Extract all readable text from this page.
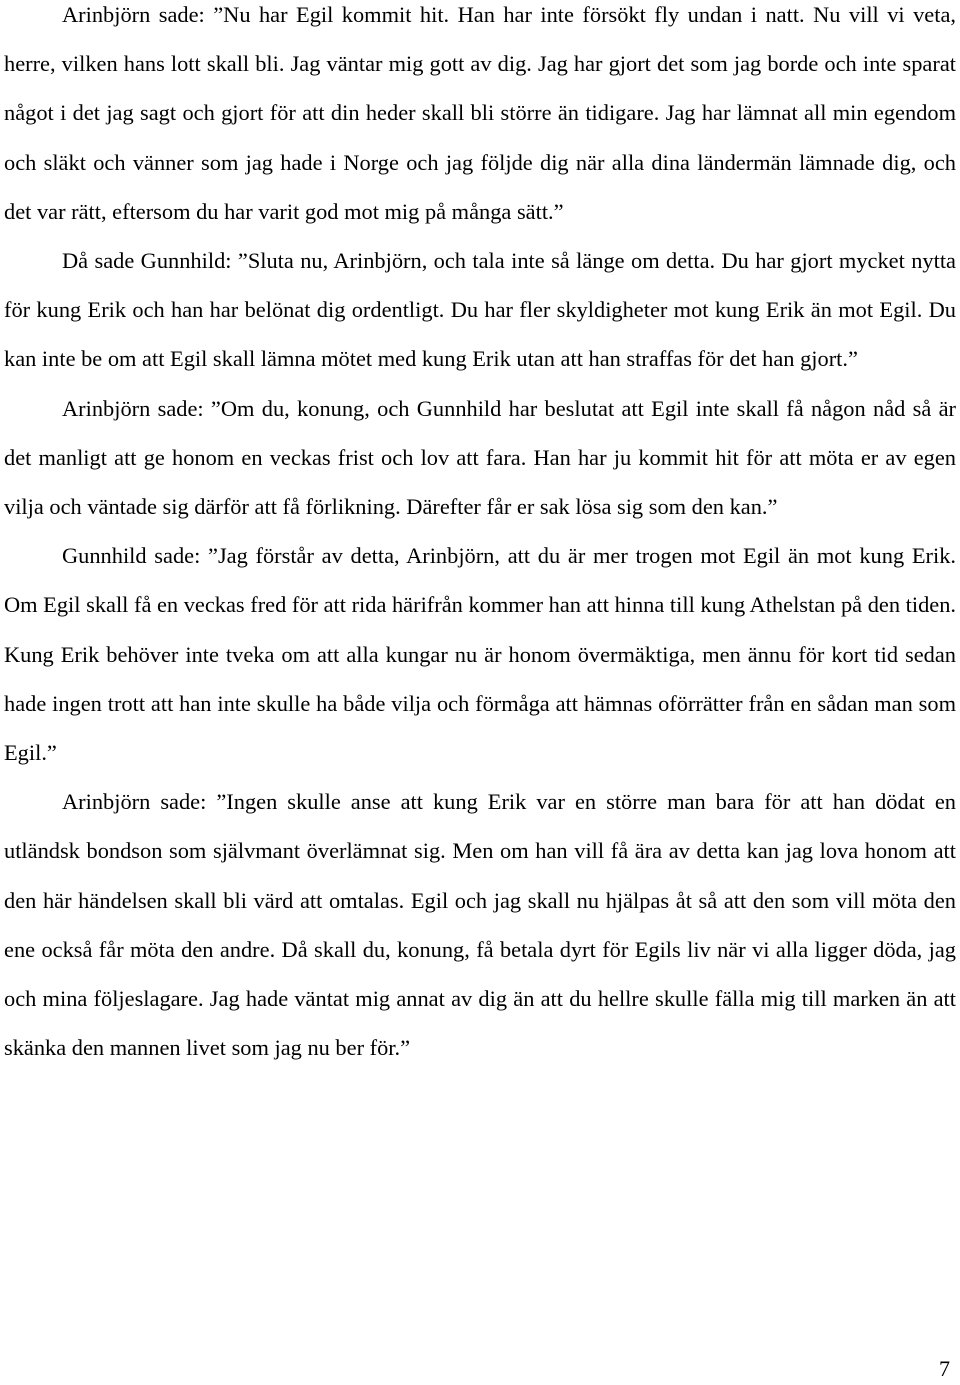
Arinbjörn sade: ”Nu har Egil kommit hit. Han har inte försökt fly undan i natt. Nu vill vi veta, herre, vilken hans lott skall bli. Jag väntar mig gott av dig. Jag har gjort det som jag borde och inte sparat något i det jag sagt och gjort för att din heder skall bli större än tidigare. Jag har lämnat all min egendom och släkt och vänner som jag hade i Norge och jag följde dig när alla dina ländermän lämnade dig, och det var rätt, eftersom du har varit god mot mig på många sätt.”

Då sade Gunnhild: ”Sluta nu, Arinbjörn, och tala inte så länge om detta. Du har gjort mycket nytta för kung Erik och han har belönat dig ordentligt. Du har fler skyldigheter mot kung Erik än mot Egil. Du kan inte be om att Egil skall lämna mötet med kung Erik utan att han straffas för det han gjort.”

Arinbjörn sade: ”Om du, konung, och Gunnhild har beslutat att Egil inte skall få någon nåd så är det manligt att ge honom en veckas frist och lov att fara. Han har ju kommit hit för att möta er av egen vilja och väntade sig därför att få förlikning. Därefter får er sak lösa sig som den kan.”

Gunnhild sade: ”Jag förstår av detta, Arinbjörn, att du är mer trogen mot Egil än mot kung Erik. Om Egil skall få en veckas fred för att rida härifrån kommer han att hinna till kung Athelstan på den tiden. Kung Erik behöver inte tveka om att alla kungar nu är honom övermäktiga, men ännu för kort tid sedan hade ingen trott att han inte skulle ha både vilja och förmåga att hämnas oförrätter från en sådan man som Egil.”

Arinbjörn sade: ”Ingen skulle anse att kung Erik var en större man bara för att han dödat en utländsk bondson som självmant överlämnat sig. Men om han vill få ära av detta kan jag lova honom att den här händelsen skall bli värd att omtalas. Egil och jag skall nu hjälpas åt så att den som vill möta den ene också får möta den andre. Då skall du, konung, få betala dyrt för Egils liv när vi alla ligger döda, jag och mina följeslagare. Jag hade väntat mig annat av dig än att du hellre skulle fälla mig till marken än att skänka den mannen livet som jag nu ber för.”

7
